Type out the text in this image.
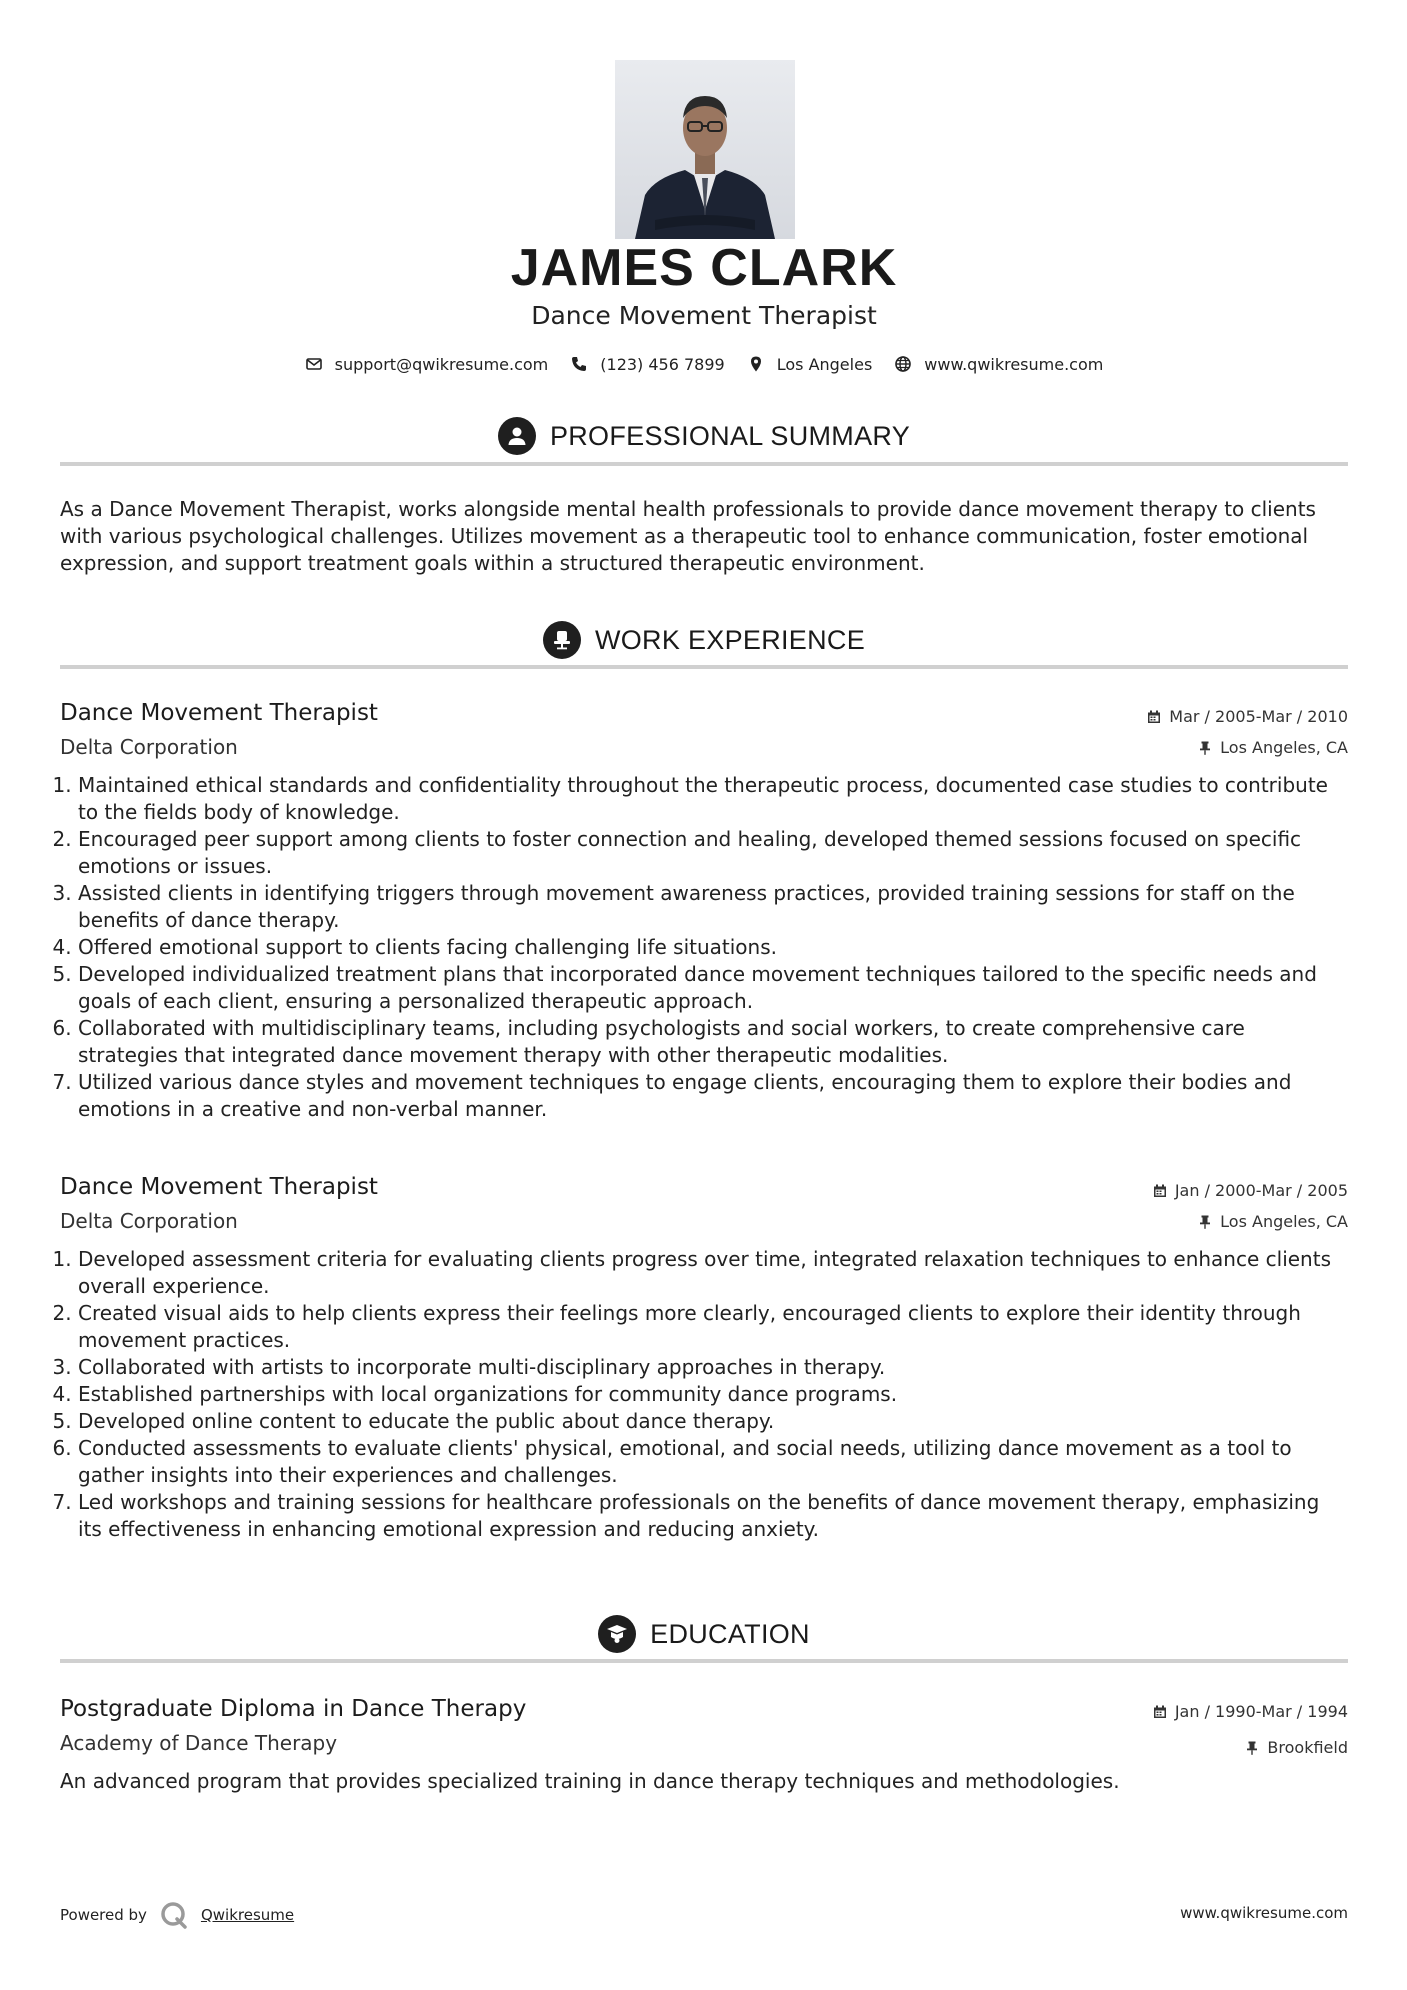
JAMES CLARK
Dance Movement Therapist
support@qwikresume.com	(123) 456 7899	Los Angeles	www.qwikresume.com
PROFESSIONAL SUMMARY
As a Dance Movement Therapist, works alongside mental health professionals to provide dance movement therapy to clients with various psychological challenges. Utilizes movement as a therapeutic tool to enhance communication, foster emotional expression, and support treatment goals within a structured therapeutic environment.
WORK EXPERIENCE
Dance Movement Therapist
Delta Corporation
Mar / 2005-Mar / 2010
Los Angeles, CA
1. Maintained ethical standards and confidentiality throughout the therapeutic process, documented case studies to contribute to the fields body of knowledge.
2. Encouraged peer support among clients to foster connection and healing, developed themed sessions focused on specific emotions or issues.
3. Assisted clients in identifying triggers through movement awareness practices, provided training sessions for staff on the benefits of dance therapy.
4. Offered emotional support to clients facing challenging life situations.
5. Developed individualized treatment plans that incorporated dance movement techniques tailored to the specific needs and goals of each client, ensuring a personalized therapeutic approach.
6. Collaborated with multidisciplinary teams, including psychologists and social workers, to create comprehensive care strategies that integrated dance movement therapy with other therapeutic modalities.
7. Utilized various dance styles and movement techniques to engage clients, encouraging them to explore their bodies and emotions in a creative and non-verbal manner.
Dance Movement Therapist
Delta Corporation
Jan / 2000-Mar / 2005
Los Angeles, CA
1. Developed assessment criteria for evaluating clients progress over time, integrated relaxation techniques to enhance clients overall experience.
2. Created visual aids to help clients express their feelings more clearly, encouraged clients to explore their identity through movement practices.
3. Collaborated with artists to incorporate multi-disciplinary approaches in therapy.
4. Established partnerships with local organizations for community dance programs.
5. Developed online content to educate the public about dance therapy.
6. Conducted assessments to evaluate clients' physical, emotional, and social needs, utilizing dance movement as a tool to gather insights into their experiences and challenges.
7. Led workshops and training sessions for healthcare professionals on the benefits of dance movement therapy, emphasizing its effectiveness in enhancing emotional expression and reducing anxiety.
EDUCATION
Postgraduate Diploma in Dance Therapy
Academy of Dance Therapy
Jan / 1990-Mar / 1994
Brookfield
An advanced program that provides specialized training in dance therapy techniques and methodologies.
Powered by	Qwikresume	www.qwikresume.com
